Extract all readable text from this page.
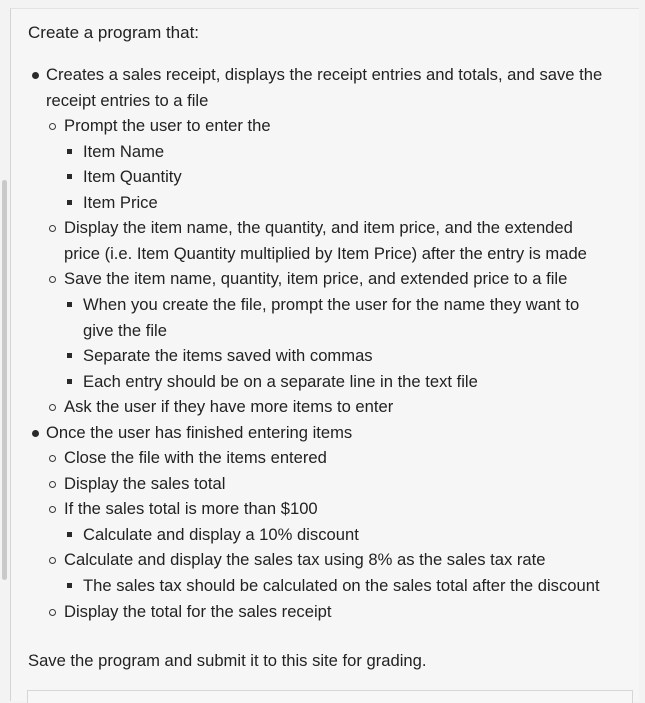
Create a program that:
Creates a sales receipt, displays the receipt entries and totals, and save the
receipt entries to a file
Prompt the user to enter the
Item Name
Item Quantity
Item Price
Display the item name, the quantity, and item price, and the extended
price (i.e. Item Quantity multiplied by Item Price) after the entry is made
Save the item name, quantity, item price, and extended price to a file
When you create the file, prompt the user for the name they want to
give the file
Separate the items saved with commas
Each entry should be on a separate line in the text file
Ask the user if they have more items to enter
Once the user has finished entering items
Close the file with the items entered
Display the sales total
If the sales total is more than $100
Calculate and display a 10% discount
Calculate and display the sales tax using 8% as the sales tax rate
The sales tax should be calculated on the sales total after the discount
Display the total for the sales receipt
Save the program and submit it to this site for grading.
